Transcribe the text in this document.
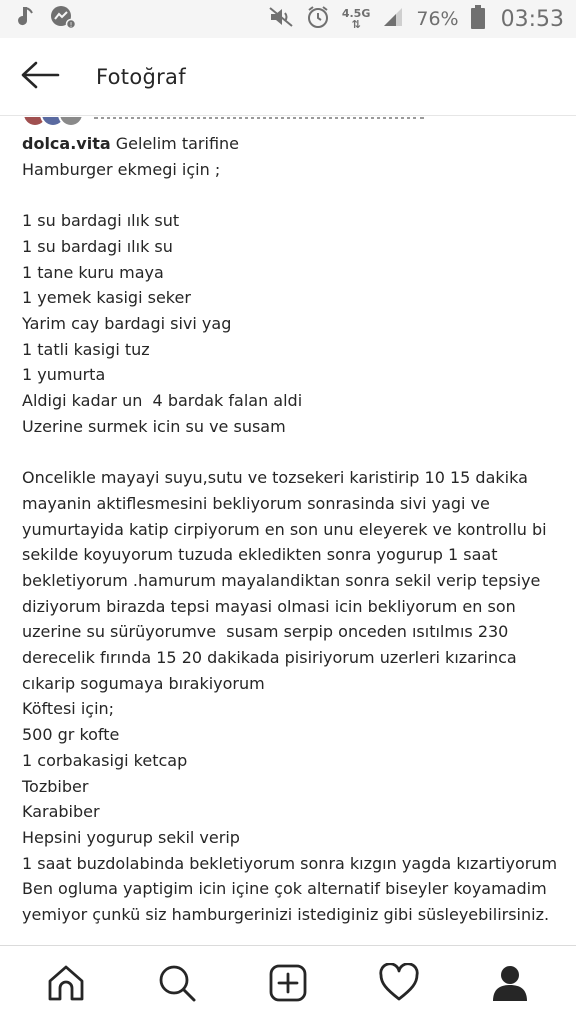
!
4.5G
⇅	76% 03:53
Fotoğraf
dolca.vita Gelelim tarifine
Hamburger ekmegi için ;

1 su bardagi ılık sut
1 su bardagi ılık su
1 tane kuru maya
1 yemek kasigi seker
Yarim cay bardagi sivi yag
1 tatli kasigi tuz
1 yumurta
Aldigi kadar un  4 bardak falan aldi
Uzerine surmek icin su ve susam

Oncelikle mayayi suyu,sutu ve tozsekeri karistirip 10 15 dakika
mayanin aktiflesmesini bekliyorum sonrasinda sivi yagi ve
yumurtayida katip cirpiyorum en son unu eleyerek ve kontrollu bi
sekilde koyuyorum tuzuda ekledikten sonra yogurup 1 saat
bekletiyorum .hamurum mayalandiktan sonra sekil verip tepsiye
diziyorum birazda tepsi mayasi olmasi icin bekliyorum en son
uzerine su sürüyorumve  susam serpip onceden ısıtılmıs 230
derecelik fırında 15 20 dakikada pisiriyorum uzerleri kızarinca
cıkarip sogumaya bırakiyorum
Köftesi için;
500 gr kofte
1 corbakasigi ketcap
Tozbiber
Karabiber
Hepsini yogurup sekil verip
1 saat buzdolabinda bekletiyorum sonra kızgın yagda kızartiyorum
Ben ogluma yaptigim icin içine çok alternatif biseyler koyamadim
yemiyor çunkü siz hamburgerinizi istediginiz gibi süsleyebilirsiniz.
